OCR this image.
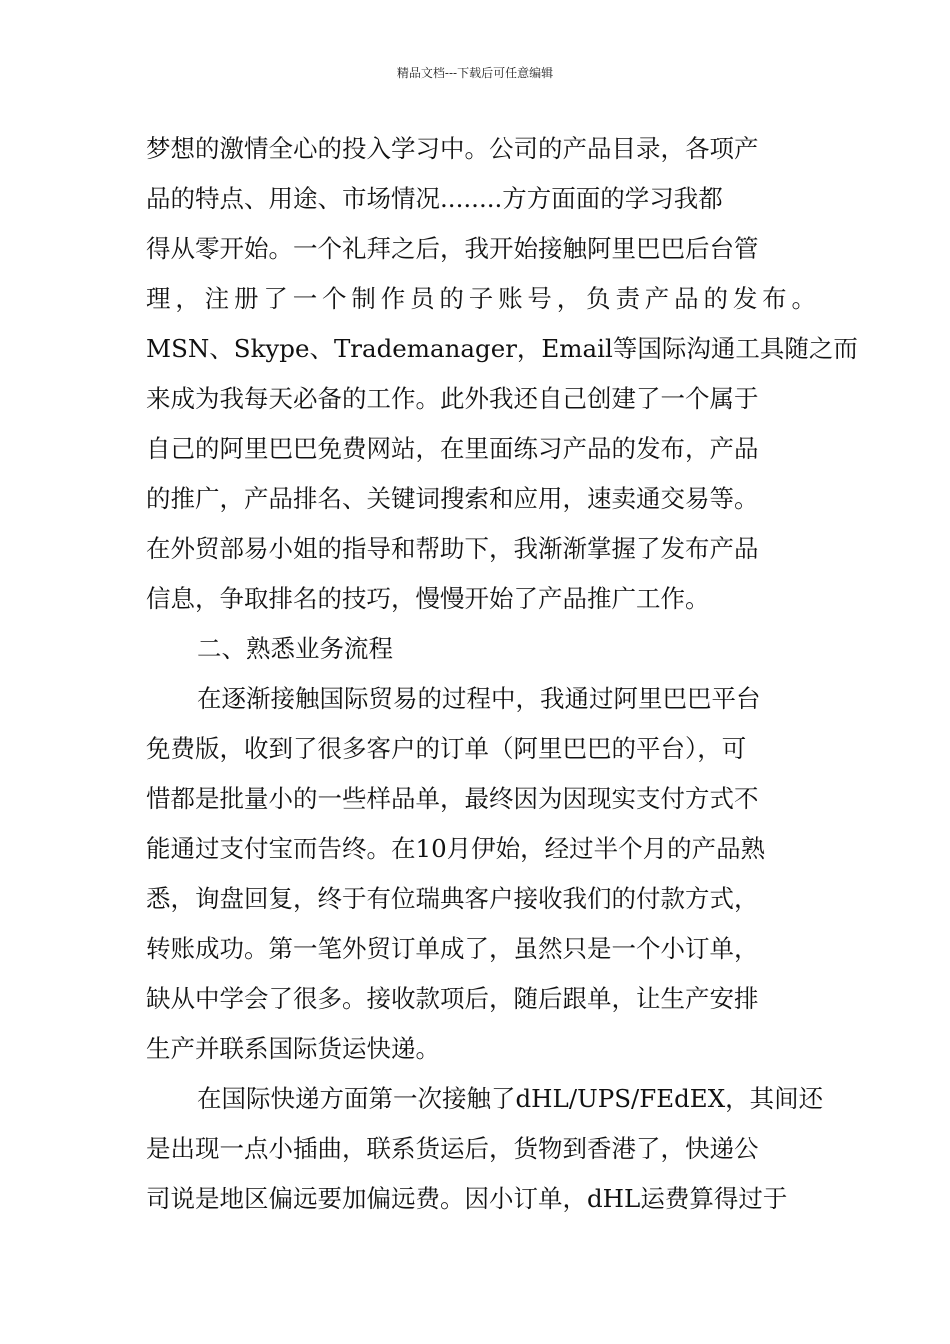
精品文档---下载后可任意编辑
梦想的激情全心的投入学习中。公司的产品目录，各项产
品的特点、用途、市场情况........方方面面的学习我都
得从零开始。一个礼拜之后，我开始接触阿里巴巴后台管
理，注册了一个制作员的子账号，负责产品的发布。
MSN、Skype、Trademanager，Email等国际沟通工具随之而
来成为我每天必备的工作。此外我还自己创建了一个属于
自己的阿里巴巴免费网站，在里面练习产品的发布，产品
的推广，产品排名、关键词搜索和应用，速卖通交易等。
在外贸部易小姐的指导和帮助下，我渐渐掌握了发布产品
信息，争取排名的技巧，慢慢开始了产品推广工作。
二、熟悉业务流程
在逐渐接触国际贸易的过程中，我通过阿里巴巴平台
免费版，收到了很多客户的订单（阿里巴巴的平台），可
惜都是批量小的一些样品单，最终因为因现实支付方式不
能通过支付宝而告终。在10月伊始，经过半个月的产品熟
悉，询盘回复，终于有位瑞典客户接收我们的付款方式，
转账成功。第一笔外贸订单成了，虽然只是一个小订单，
缺从中学会了很多。接收款项后，随后跟单，让生产安排
生产并联系国际货运快递。
在国际快递方面第一次接触了dHL/UPS/FEdEX，其间还
是出现一点小插曲，联系货运后，货物到香港了，快递公
司说是地区偏远要加偏远费。因小订单，dHL运费算得过于
